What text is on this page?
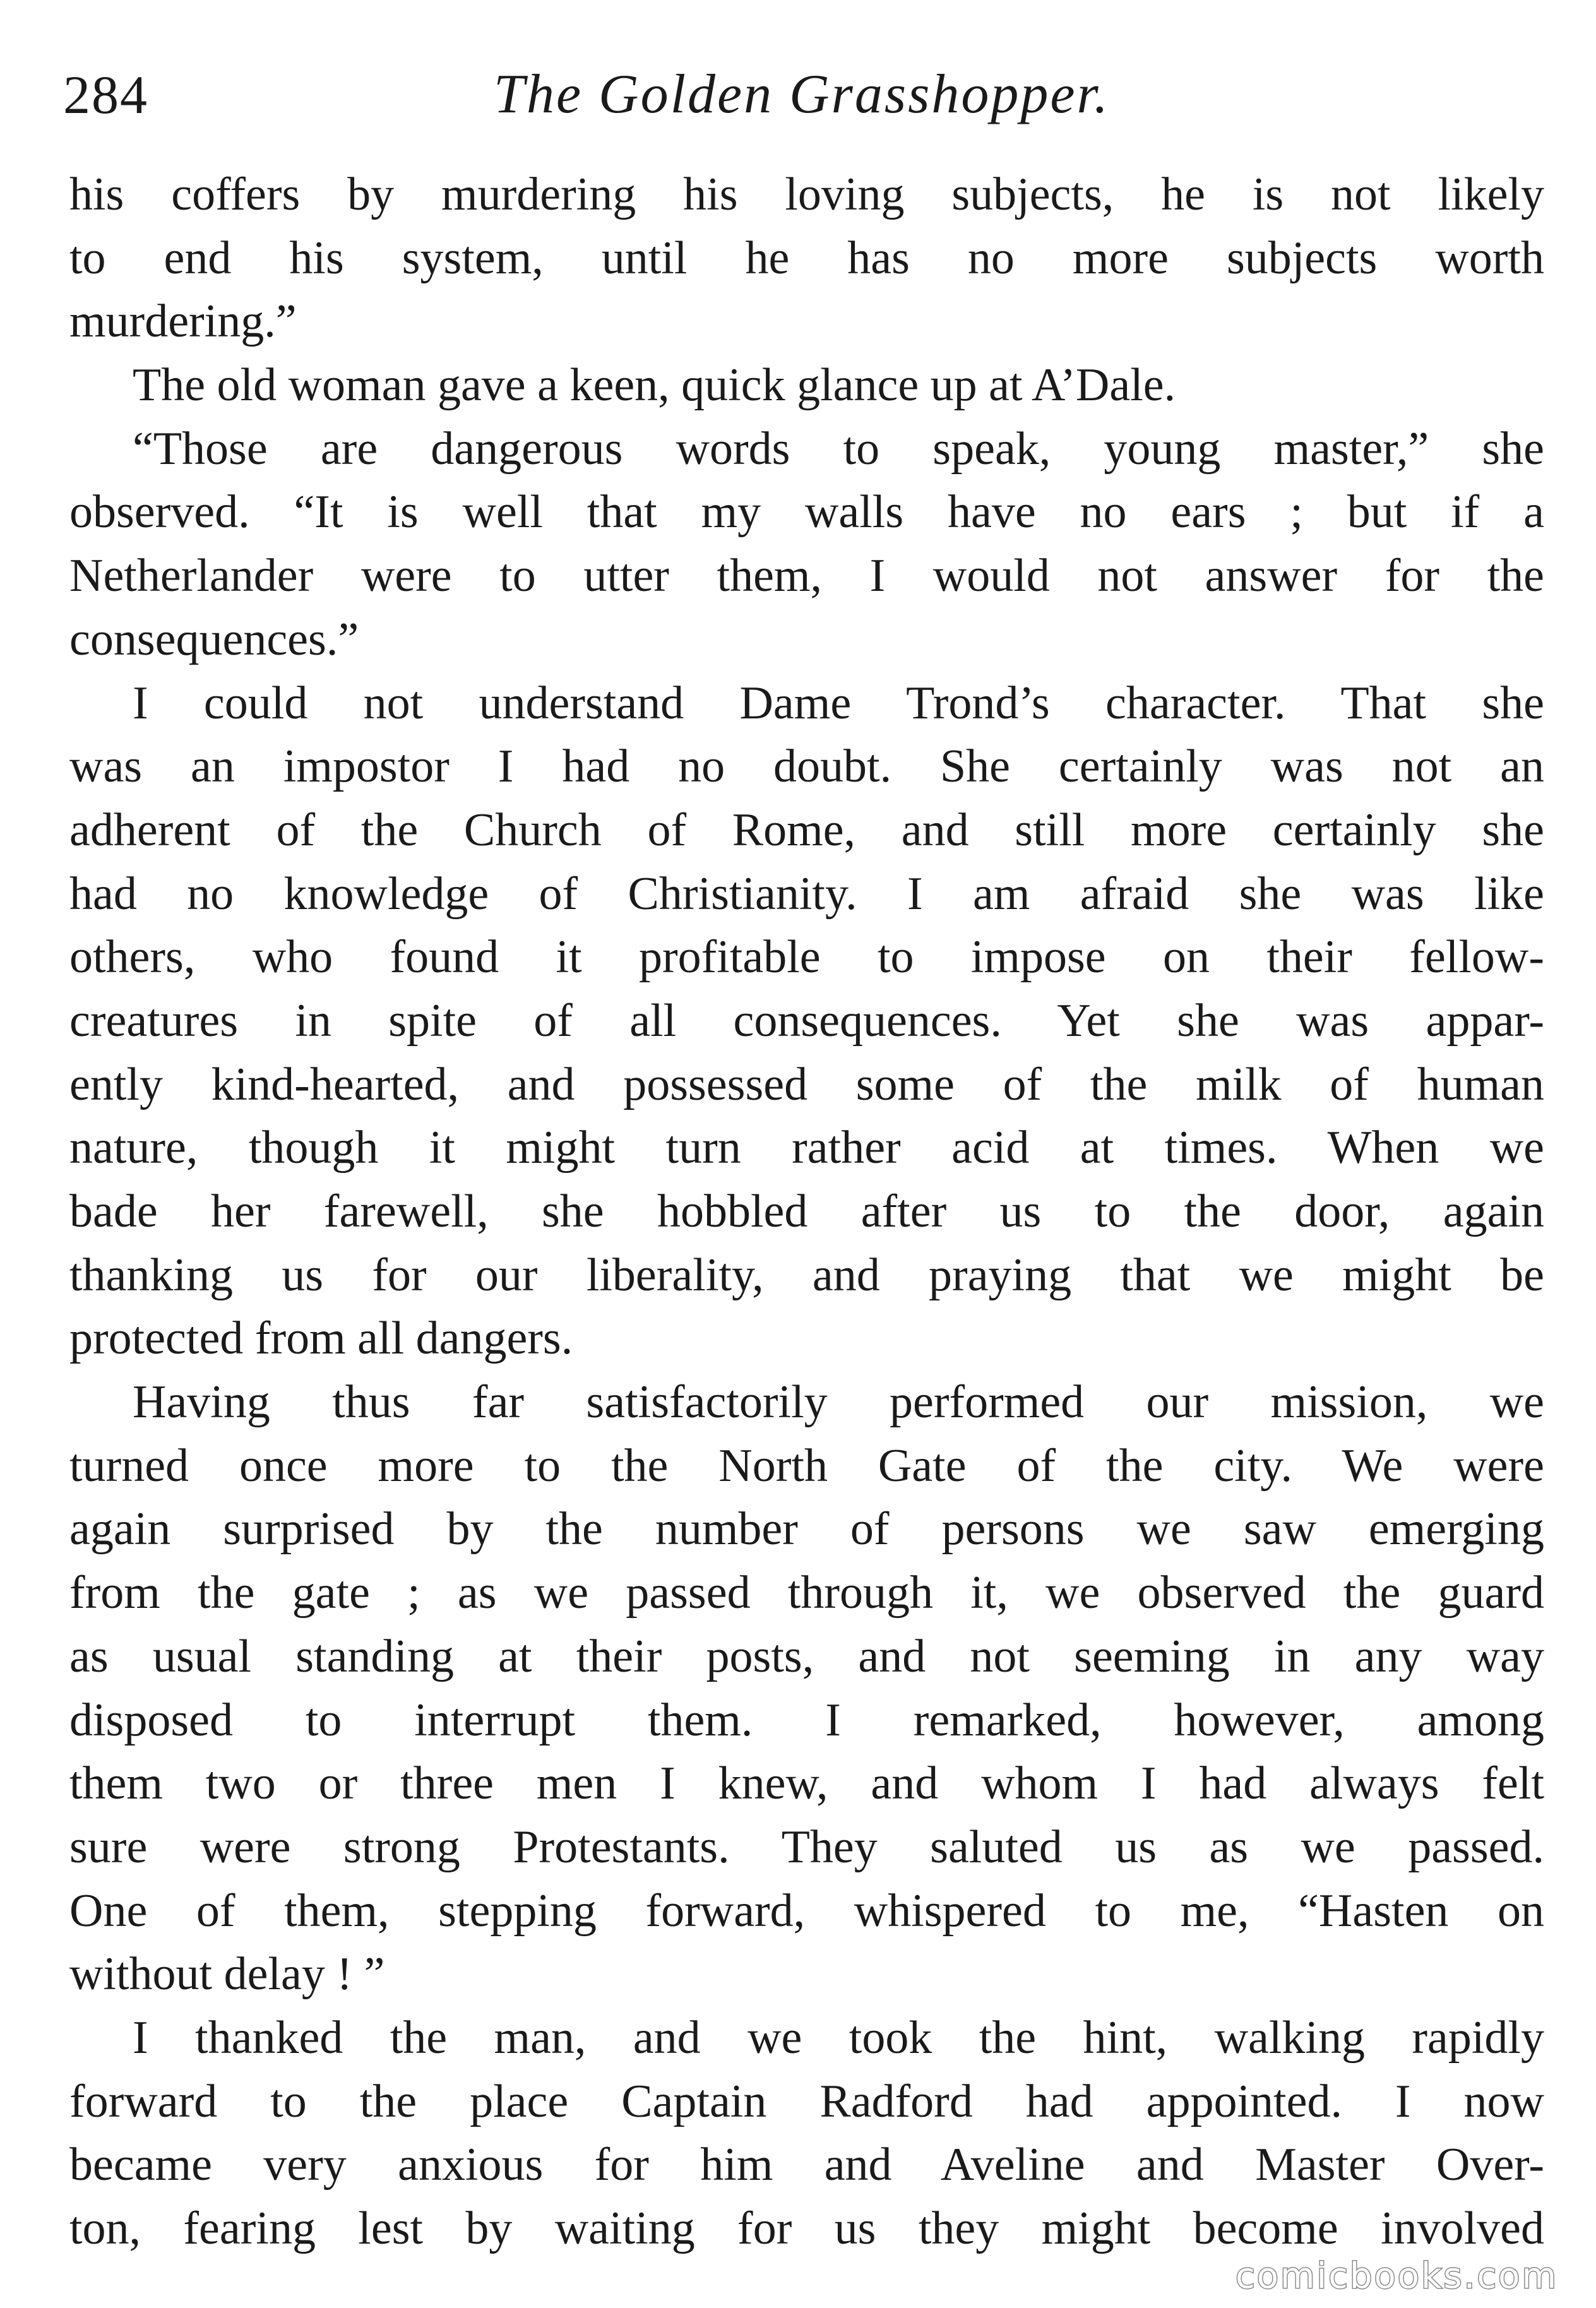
284	The Golden Grasshopper.
his coffers by murdering his loving subjects, he is not likely
to end his system, until he has no more subjects worth
murdering.”
The old woman gave a keen, quick glance up at A’Dale.
“Those are dangerous words to speak, young master,” she
observed. “It is well that my walls have no ears ; but if a
Netherlander were to utter them, I would not answer for the
consequences.”
I could not understand Dame Trond’s character. That she
was an impostor I had no doubt. She certainly was not an
adherent of the Church of Rome, and still more certainly she
had no knowledge of Christianity. I am afraid she was like
others, who found it profitable to impose on their fellow-
creatures in spite of all consequences. Yet she was appar-
ently kind-hearted, and possessed some of the milk of human
nature, though it might turn rather acid at times. When we
bade her farewell, she hobbled after us to the door, again
thanking us for our liberality, and praying that we might be
protected from all dangers.
Having thus far satisfactorily performed our mission, we
turned once more to the North Gate of the city. We were
again surprised by the number of persons we saw emerging
from the gate ; as we passed through it, we observed the guard
as usual standing at their posts, and not seeming in any way
disposed to interrupt them. I remarked, however, among
them two or three men I knew, and whom I had always felt
sure were strong Protestants. They saluted us as we passed.
One of them, stepping forward, whispered to me, “Hasten on
without delay ! ”
I thanked the man, and we took the hint, walking rapidly
forward to the place Captain Radford had appointed. I now
became very anxious for him and Aveline and Master Over-
ton, fearing lest by waiting for us they might become involved
comicbooks.com
